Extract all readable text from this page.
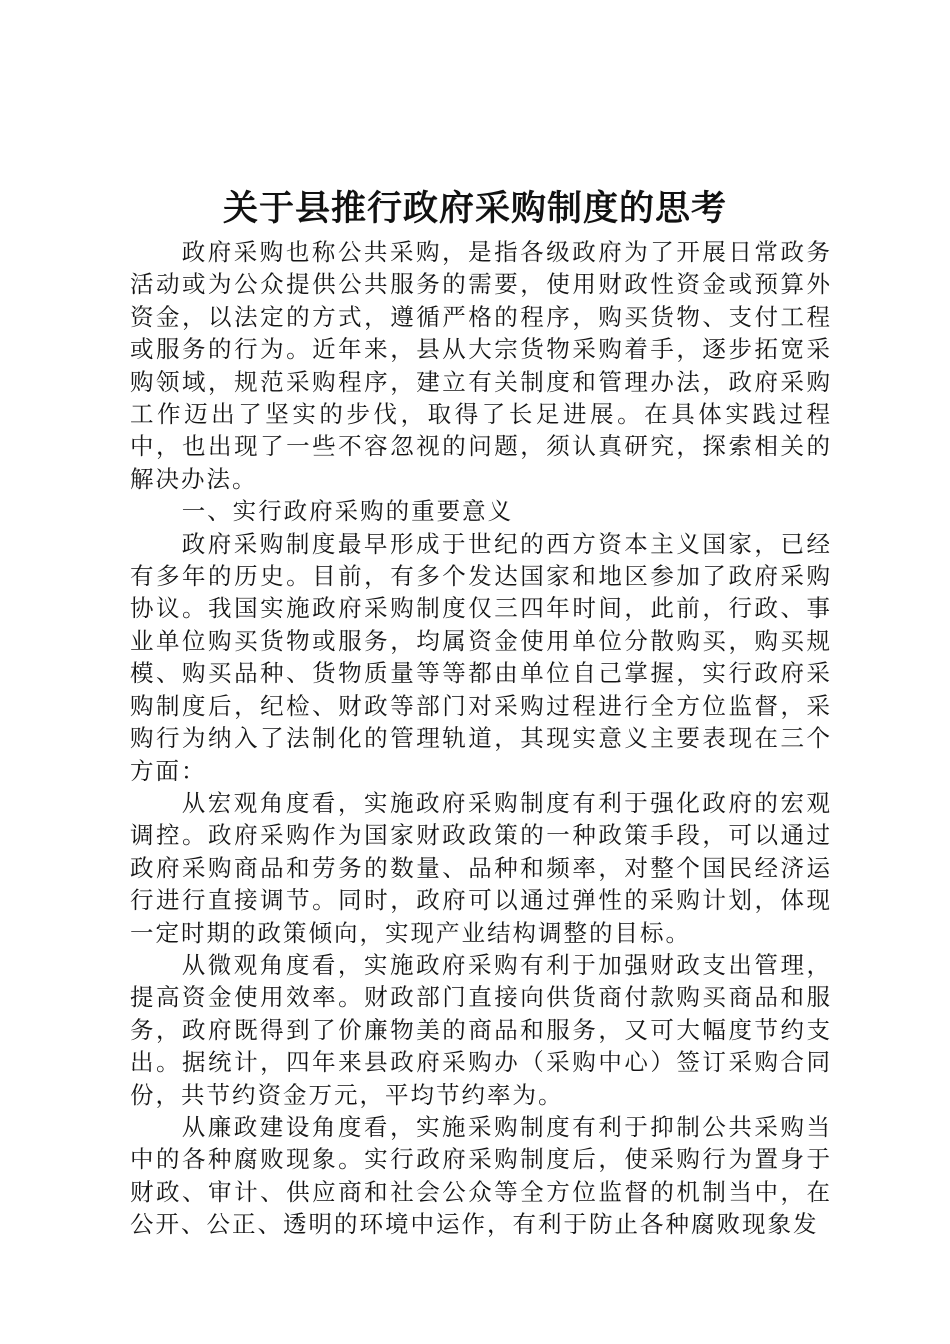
关于县推行政府采购制度的思考

政府采购也称公共采购，是指各级政府为了开展日常政务活动或为公众提供公共服务的需要，使用财政性资金或预算外资金，以法定的方式，遵循严格的程序，购买货物、支付工程或服务的行为。近年来，县从大宗货物采购着手，逐步拓宽采购领域，规范采购程序，建立有关制度和管理办法，政府采购工作迈出了坚实的步伐，取得了长足进展。在具体实践过程中，也出现了一些不容忽视的问题，须认真研究，探索相关的解决办法。

一、实行政府采购的重要意义

政府采购制度最早形成于世纪的西方资本主义国家，已经有多年的历史。目前，有多个发达国家和地区参加了政府采购协议。我国实施政府采购制度仅三四年时间，此前，行政、事业单位购买货物或服务，均属资金使用单位分散购买，购买规模、购买品种、货物质量等等都由单位自己掌握，实行政府采购制度后，纪检、财政等部门对采购过程进行全方位监督，采购行为纳入了法制化的管理轨道，其现实意义主要表现在三个方面：

从宏观角度看，实施政府采购制度有利于强化政府的宏观调控。政府采购作为国家财政政策的一种政策手段，可以通过政府采购商品和劳务的数量、品种和频率，对整个国民经济运行进行直接调节。同时，政府可以通过弹性的采购计划，体现一定时期的政策倾向，实现产业结构调整的目标。

从微观角度看，实施政府采购有利于加强财政支出管理，提高资金使用效率。财政部门直接向供货商付款购买商品和服务，政府既得到了价廉物美的商品和服务，又可大幅度节约支出。据统计，四年来县政府采购办（采购中心）签订采购合同份，共节约资金万元，平均节约率为。

从廉政建设角度看，实施采购制度有利于抑制公共采购当中的各种腐败现象。实行政府采购制度后，使采购行为置身于财政、审计、供应商和社会公众等全方位监督的机制当中，在公开、公正、透明的环境中运作，有利于防止各种腐败现象发
